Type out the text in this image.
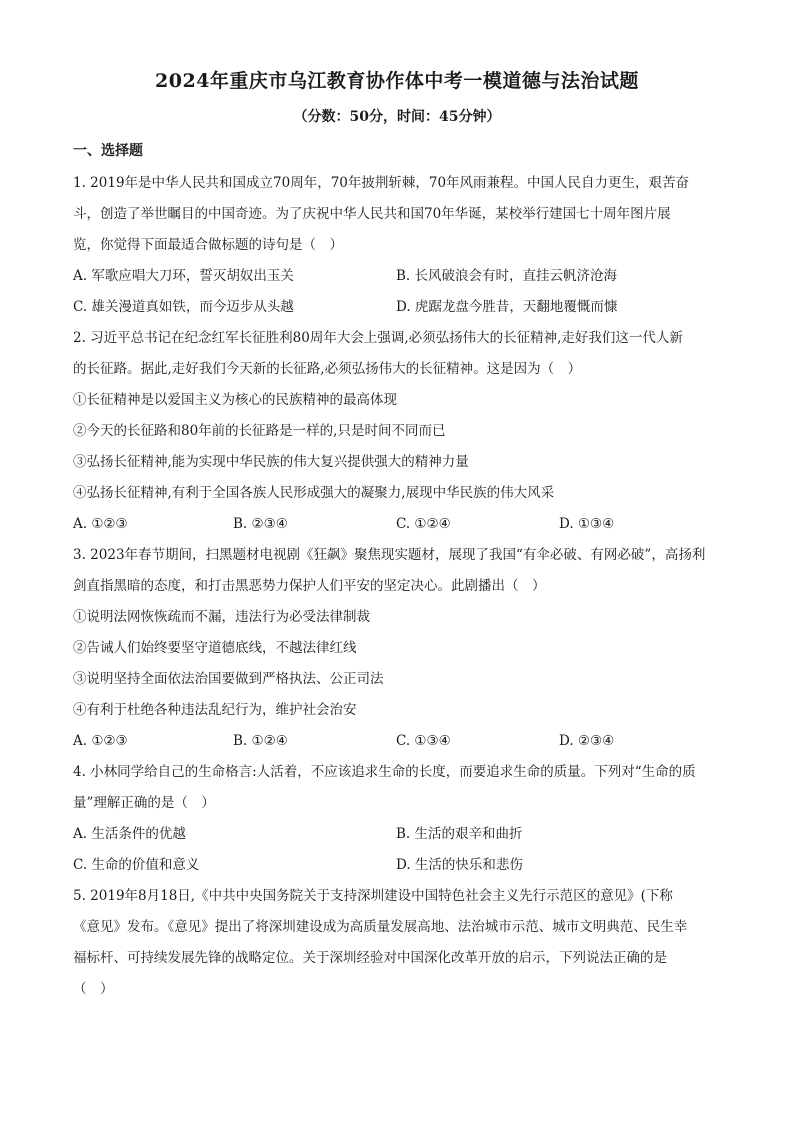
2024年重庆市乌江教育协作体中考一模道德与法治试题
（分数：50分，时间：45分钟）
一、选择题
1. 2019年是中华人民共和国成立70周年，70年披荆斩棘，70年风雨兼程。中国人民自力更生，艰苦奋
斗，创造了举世瞩目的中国奇迹。为了庆祝中华人民共和国70年华诞，某校举行建国七十周年图片展
览，你觉得下面最适合做标题的诗句是（　）
A. 军歌应唱大刀环，誓灭胡奴出玉关	B. 长风破浪会有时，直挂云帆济沧海
C. 雄关漫道真如铁，而今迈步从头越	D. 虎踞龙盘今胜昔，天翻地覆慨而慷
2. 习近平总书记在纪念红军长征胜利80周年大会上强调,必须弘扬伟大的长征精神,走好我们这一代人新
的长征路。据此,走好我们今天新的长征路,必须弘扬伟大的长征精神。这是因为（　）
①长征精神是以爱国主义为核心的民族精神的最高体现
②今天的长征路和80年前的长征路是一样的,只是时间不同而已
③弘扬长征精神,能为实现中华民族的伟大复兴提供强大的精神力量
④弘扬长征精神,有利于全国各族人民形成强大的凝聚力,展现中华民族的伟大风采
A. ①②③	B. ②③④	C. ①②④	D. ①③④
3. 2023年春节期间，扫黑题材电视剧《狂飙》聚焦现实题材，展现了我国“有伞必破、有网必破”，高扬利
剑直指黑暗的态度，和打击黑恶势力保护人们平安的坚定决心。此剧播出（　）
①说明法网恢恢疏而不漏，违法行为必受法律制裁
②告诫人们始终要坚守道德底线，不越法律红线
③说明坚持全面依法治国要做到严格执法、公正司法
④有利于杜绝各种违法乱纪行为，维护社会治安
A. ①②③	B. ①②④	C. ①③④	D. ②③④
4. 小林同学给自己的生命格言:人活着，不应该追求生命的长度，而要追求生命的质量。下列对“生命的质
量”理解正确的是（　）
A. 生活条件的优越	B. 生活的艰辛和曲折
C. 生命的价值和意义	D. 生活的快乐和悲伤
5. 2019年8月18日,《中共中央国务院关于支持深圳建设中国特色社会主义先行示范区的意见》(下称
《意见》发布。《意见》提出了将深圳建设成为高质量发展高地、法治城市示范、城市文明典范、民生幸
福标杆、可持续发展先锋的战略定位。关于深圳经验对中国深化改革开放的启示，下列说法正确的是
（　）
